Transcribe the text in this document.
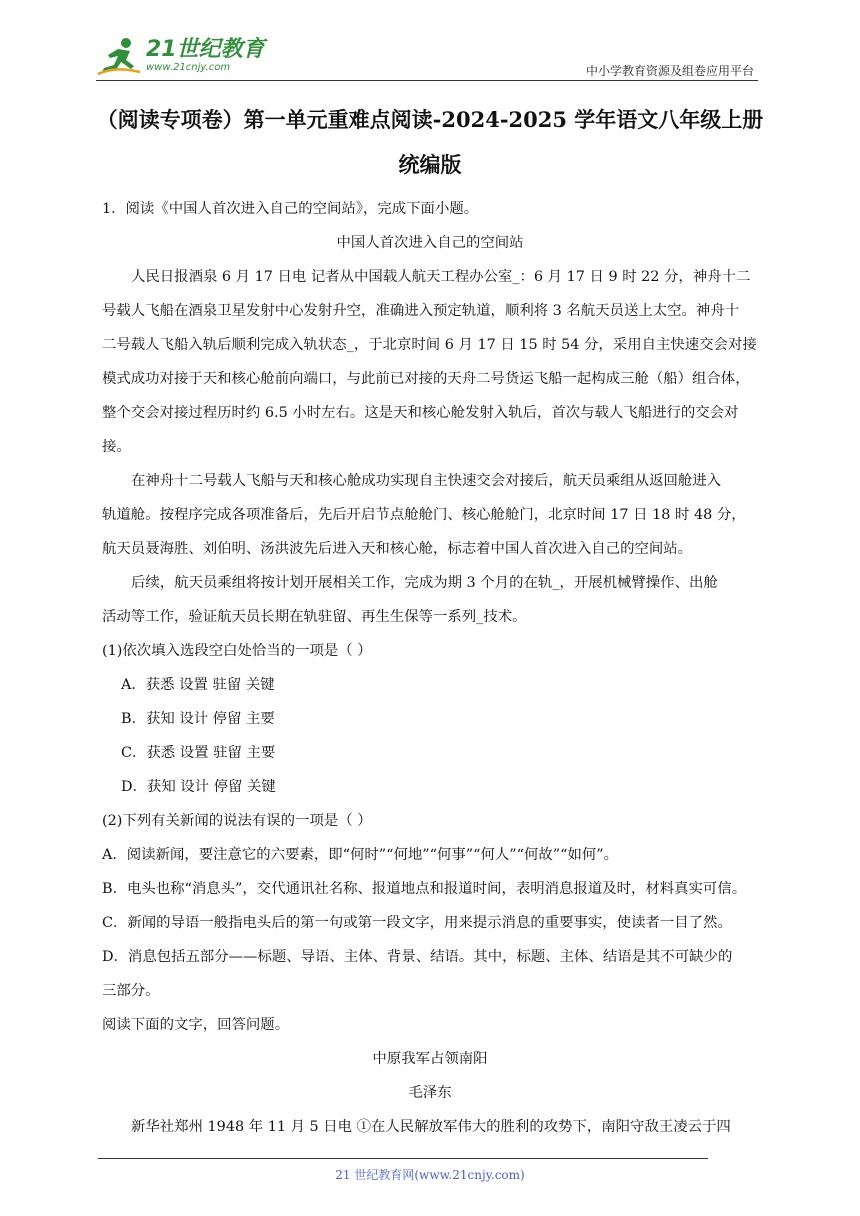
21世纪教育
www.21cnjy.com	中小学教育资源及组卷应用平台
（阅读专项卷）第一单元重难点阅读-2024-2025 学年语文八年级上册
统编版
1．阅读《中国人首次进入自己的空间站》，完成下面小题。
中国人首次进入自己的空间站
人民日报酒泉 6 月 17 日电 记者从中国载人航天工程办公室_：6 月 17 日 9 时 22 分，神舟十二
号载人飞船在酒泉卫星发射中心发射升空，准确进入预定轨道，顺利将 3 名航天员送上太空。神舟十
二号载人飞船入轨后顺利完成入轨状态_，于北京时间 6 月 17 日 15 时 54 分，采用自主快速交会对接
模式成功对接于天和核心舱前向端口，与此前已对接的天舟二号货运飞船一起构成三舱（船）组合体，
整个交会对接过程历时约 6.5 小时左右。这是天和核心舱发射入轨后，首次与载人飞船进行的交会对
接。
在神舟十二号载人飞船与天和核心舱成功实现自主快速交会对接后，航天员乘组从返回舱进入
轨道舱。按程序完成各项准备后，先后开启节点舱舱门、核心舱舱门，北京时间 17 日 18 时 48 分，
航天员聂海胜、刘伯明、汤洪波先后进入天和核心舱，标志着中国人首次进入自己的空间站。
后续，航天员乘组将按计划开展相关工作，完成为期 3 个月的在轨_，开展机械臂操作、出舱
活动等工作，验证航天员长期在轨驻留、再生生保等一系列_技术。
(1)依次填入选段空白处恰当的一项是（ ）
A．获悉 设置 驻留 关键
B．获知 设计 停留 主要
C．获悉 设置 驻留 主要
D．获知 设计 停留 关键
(2)下列有关新闻的说法有误的一项是（ ）
A．阅读新闻，要注意它的六要素，即“何时”“何地”“何事”“何人”“何故”“如何”。
B．电头也称“消息头”，交代通讯社名称、报道地点和报道时间，表明消息报道及时，材料真实可信。
C．新闻的导语一般指电头后的第一句或第一段文字，用来提示消息的重要事实，使读者一目了然。
D．消息包括五部分——标题、导语、主体、背景、结语。其中，标题、主体、结语是其不可缺少的
三部分。
阅读下面的文字，回答问题。
中原我军占领南阳
毛泽东
新华社郑州 1948 年 11 月 5 日电 ①在人民解放军伟大的胜利的攻势下，南阳守敌王凌云于四
21 世纪教育网(www.21cnjy.com)
